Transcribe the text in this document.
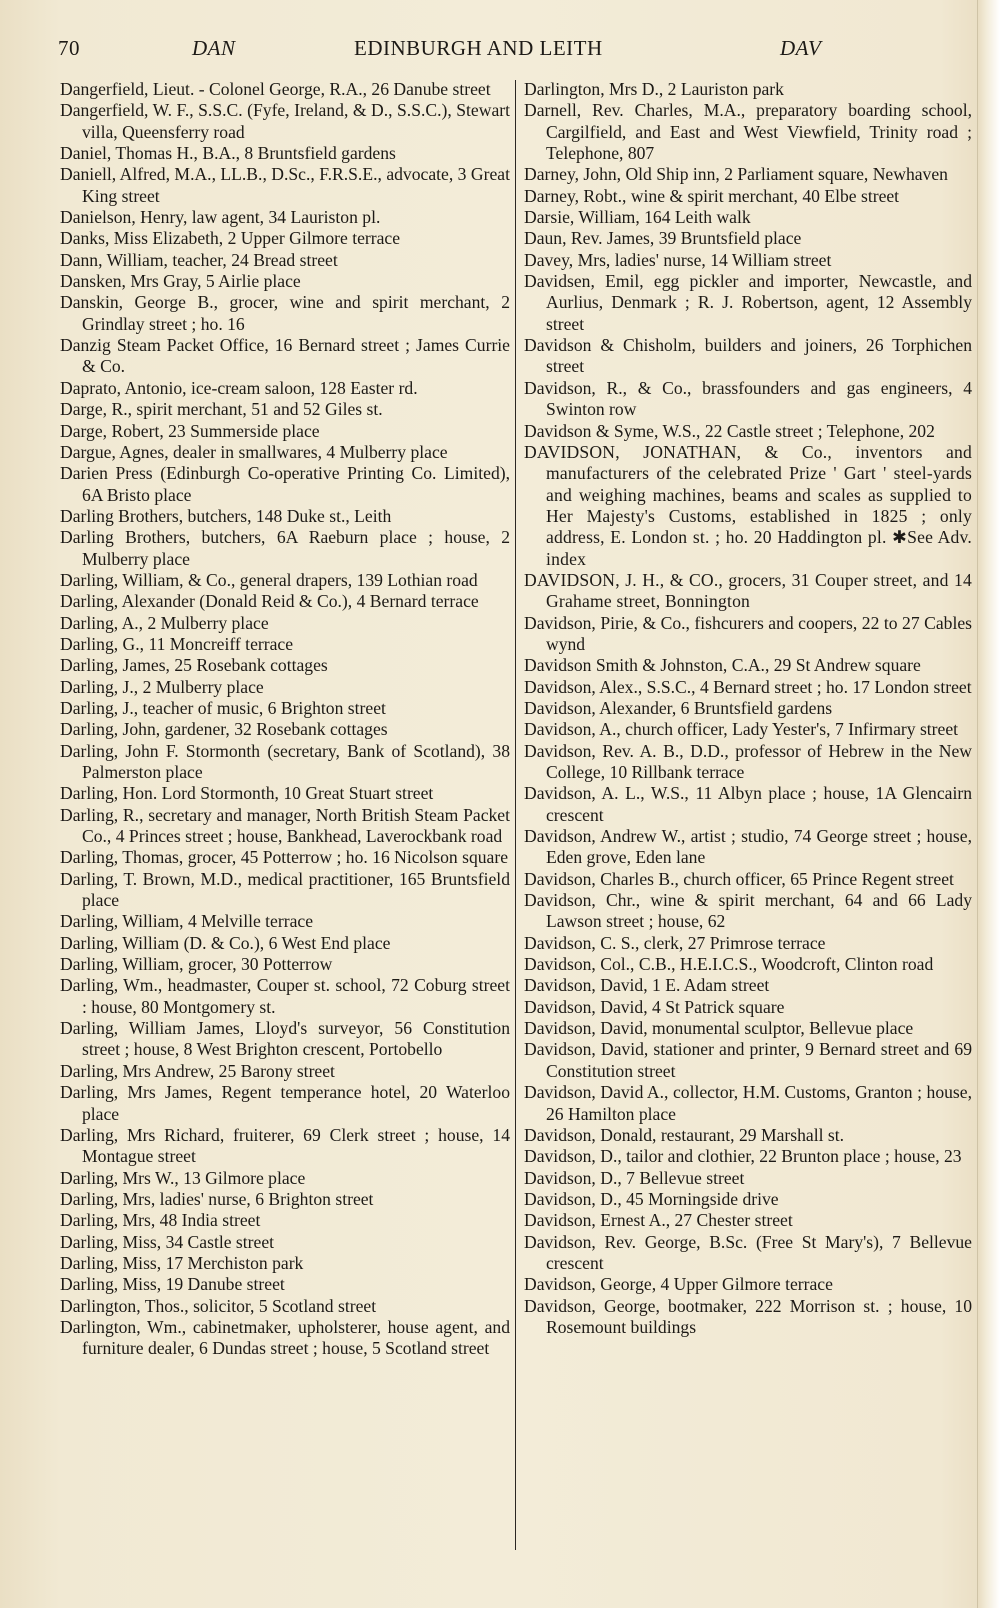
70	DAN	EDINBURGH AND LEITH	DAV

Dangerfield, Lieut. - Colonel George, R.A., 26 Danube street

Dangerfield, W. F., S.S.C. (Fyfe, Ireland, & D., S.S.C.), Stewart villa, Queensferry road

Daniel, Thomas H., B.A., 8 Bruntsfield gardens

Daniell, Alfred, M.A., LL.B., D.Sc., F.R.S.E., advocate, 3 Great King street

Danielson, Henry, law agent, 34 Lauriston pl.

Danks, Miss Elizabeth, 2 Upper Gilmore terrace

Dann, William, teacher, 24 Bread street

Dansken, Mrs Gray, 5 Airlie place

Danskin, George B., grocer, wine and spirit merchant, 2 Grindlay street ; ho. 16

Danzig Steam Packet Office, 16 Bernard street ; James Currie & Co.

Daprato, Antonio, ice-cream saloon, 128 Easter rd.

Darge, R., spirit merchant, 51 and 52 Giles st.

Darge, Robert, 23 Summerside place

Dargue, Agnes, dealer in smallwares, 4 Mulberry place

Darien Press (Edinburgh Co-operative Printing Co. Limited), 6A Bristo place

Darling Brothers, butchers, 148 Duke st., Leith

Darling Brothers, butchers, 6A Raeburn place ; house, 2 Mulberry place

Darling, William, & Co., general drapers, 139 Lothian road

Darling, Alexander (Donald Reid & Co.), 4 Bernard terrace

Darling, A., 2 Mulberry place

Darling, G., 11 Moncreiff terrace

Darling, James, 25 Rosebank cottages

Darling, J., 2 Mulberry place

Darling, J., teacher of music, 6 Brighton street

Darling, John, gardener, 32 Rosebank cottages

Darling, John F. Stormonth (secretary, Bank of Scotland), 38 Palmerston place

Darling, Hon. Lord Stormonth, 10 Great Stuart street

Darling, R., secretary and manager, North British Steam Packet Co., 4 Princes street ; house, Bankhead, Laverockbank road

Darling, Thomas, grocer, 45 Potterrow ; ho. 16 Nicolson square

Darling, T. Brown, M.D., medical practitioner, 165 Bruntsfield place

Darling, William, 4 Melville terrace

Darling, William (D. & Co.), 6 West End place

Darling, William, grocer, 30 Potterrow

Darling, Wm., headmaster, Couper st. school, 72 Coburg street : house, 80 Montgomery st.

Darling, William James, Lloyd's surveyor, 56 Constitution street ; house, 8 West Brighton crescent, Portobello

Darling, Mrs Andrew, 25 Barony street

Darling, Mrs James, Regent temperance hotel, 20 Waterloo place

Darling, Mrs Richard, fruiterer, 69 Clerk street ; house, 14 Montague street

Darling, Mrs W., 13 Gilmore place

Darling, Mrs, ladies' nurse, 6 Brighton street

Darling, Mrs, 48 India street

Darling, Miss, 34 Castle street

Darling, Miss, 17 Merchiston park

Darling, Miss, 19 Danube street

Darlington, Thos., solicitor, 5 Scotland street

Darlington, Wm., cabinetmaker, upholsterer, house agent, and furniture dealer, 6 Dundas street ; house, 5 Scotland street

Darlington, Mrs D., 2 Lauriston park

Darnell, Rev. Charles, M.A., preparatory boarding school, Cargilfield, and East and West Viewfield, Trinity road ; Telephone, 807

Darney, John, Old Ship inn, 2 Parliament square, Newhaven

Darney, Robt., wine & spirit merchant, 40 Elbe street

Darsie, William, 164 Leith walk

Daun, Rev. James, 39 Bruntsfield place

Davey, Mrs, ladies' nurse, 14 William street

Davidsen, Emil, egg pickler and importer, Newcastle, and Aurlius, Denmark ; R. J. Robertson, agent, 12 Assembly street

Davidson & Chisholm, builders and joiners, 26 Torphichen street

Davidson, R., & Co., brassfounders and gas engineers, 4 Swinton row

Davidson & Syme, W.S., 22 Castle street ; Telephone, 202

DAVIDSON, JONATHAN, & Co., inventors and manufacturers of the celebrated Prize ' Gart ' steel-yards and weighing machines, beams and scales as supplied to Her Majesty's Customs, established in 1825 ; only address, E. London st. ; ho. 20 Haddington pl. ✱See Adv. index

DAVIDSON, J. H., & CO., grocers, 31 Couper street, and 14 Grahame street, Bonnington

Davidson, Pirie, & Co., fishcurers and coopers, 22 to 27 Cables wynd

Davidson Smith & Johnston, C.A., 29 St Andrew square

Davidson, Alex., S.S.C., 4 Bernard street ; ho. 17 London street

Davidson, Alexander, 6 Bruntsfield gardens

Davidson, A., church officer, Lady Yester's, 7 Infirmary street

Davidson, Rev. A. B., D.D., professor of Hebrew in the New College, 10 Rillbank terrace

Davidson, A. L., W.S., 11 Albyn place ; house, 1A Glencairn crescent

Davidson, Andrew W., artist ; studio, 74 George street ; house, Eden grove, Eden lane

Davidson, Charles B., church officer, 65 Prince Regent street

Davidson, Chr., wine & spirit merchant, 64 and 66 Lady Lawson street ; house, 62

Davidson, C. S., clerk, 27 Primrose terrace

Davidson, Col., C.B., H.E.I.C.S., Woodcroft, Clinton road

Davidson, David, 1 E. Adam street

Davidson, David, 4 St Patrick square

Davidson, David, monumental sculptor, Bellevue place

Davidson, David, stationer and printer, 9 Bernard street and 69 Constitution street

Davidson, David A., collector, H.M. Customs, Granton ; house, 26 Hamilton place

Davidson, Donald, restaurant, 29 Marshall st.

Davidson, D., tailor and clothier, 22 Brunton place ; house, 23

Davidson, D., 7 Bellevue street

Davidson, D., 45 Morningside drive

Davidson, Ernest A., 27 Chester street

Davidson, Rev. George, B.Sc. (Free St Mary's), 7 Bellevue crescent

Davidson, George, 4 Upper Gilmore terrace

Davidson, George, bootmaker, 222 Morrison st. ; house, 10 Rosemount buildings
